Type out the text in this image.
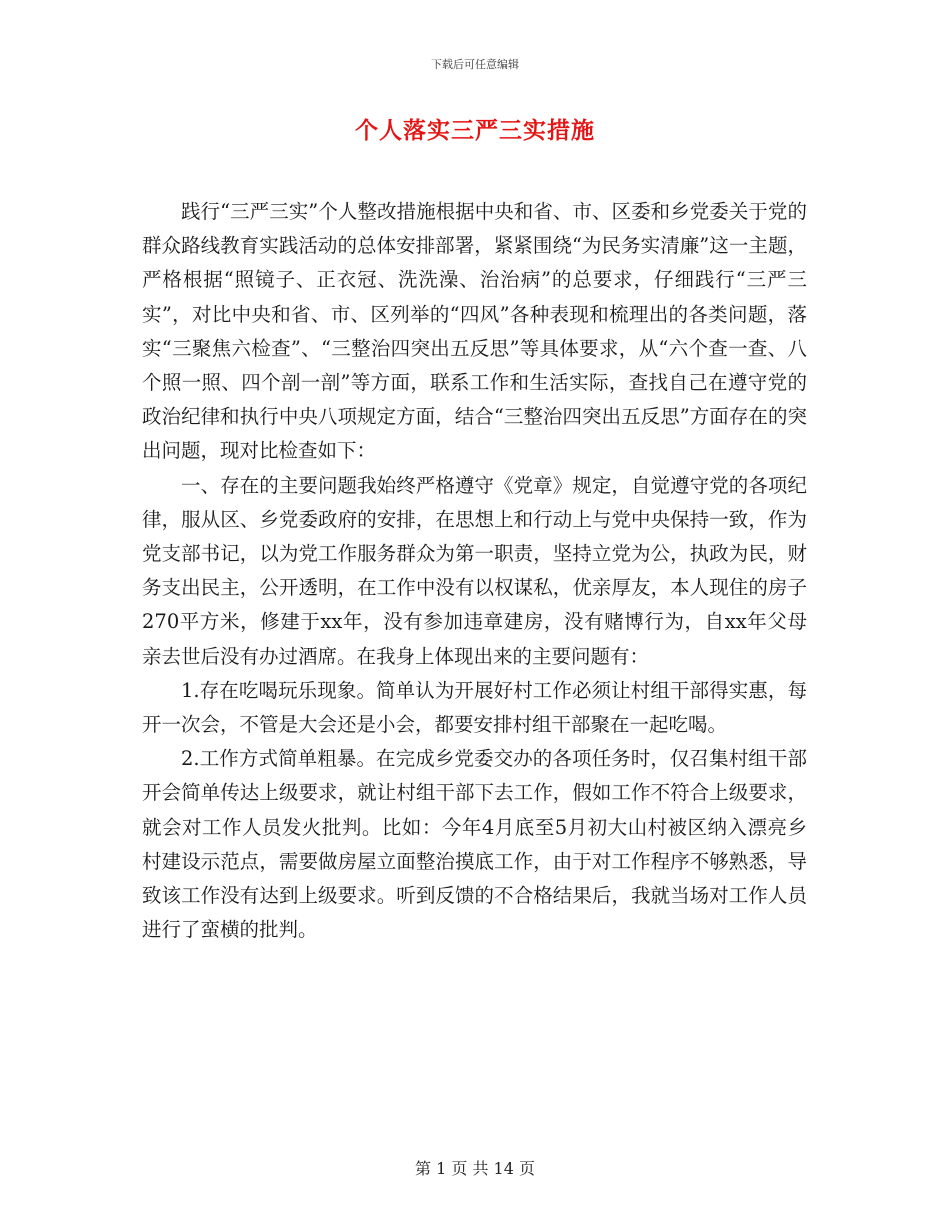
下载后可任意编辑
个人落实三严三实措施

践行“三严三实”个人整改措施根据中央和省、市、区委和乡党委关于党的群众路线教育实践活动的总体安排部署，紧紧围绕“为民务实清廉”这一主题，严格根据“照镜子、正衣冠、洗洗澡、治治病”的总要求，仔细践行“三严三实”，对比中央和省、市、区列举的“四风”各种表现和梳理出的各类问题，落实“三聚焦六检查”、“三整治四突出五反思”等具体要求，从“六个查一查、八个照一照、四个剖一剖”等方面，联系工作和生活实际，查找自己在遵守党的政治纪律和执行中央八项规定方面，结合“三整治四突出五反思”方面存在的突出问题，现对比检查如下：

一、存在的主要问题我始终严格遵守《党章》规定，自觉遵守党的各项纪律，服从区、乡党委政府的安排，在思想上和行动上与党中央保持一致，作为党支部书记，以为党工作服务群众为第一职责，坚持立党为公，执政为民，财务支出民主，公开透明，在工作中没有以权谋私，优亲厚友，本人现住的房子270平方米，修建于xx年，没有参加违章建房，没有赌博行为，自xx年父母亲去世后没有办过酒席。在我身上体现出来的主要问题有：

1.存在吃喝玩乐现象。简单认为开展好村工作必须让村组干部得实惠，每开一次会，不管是大会还是小会，都要安排村组干部聚在一起吃喝。

2.工作方式简单粗暴。在完成乡党委交办的各项任务时，仅召集村组干部开会简单传达上级要求，就让村组干部下去工作，假如工作不符合上级要求，就会对工作人员发火批判。比如：今年4月底至5月初大山村被区纳入漂亮乡村建设示范点，需要做房屋立面整治摸底工作，由于对工作程序不够熟悉，导致该工作没有达到上级要求。听到反馈的不合格结果后，我就当场对工作人员进行了蛮横的批判。

第 1 页 共 14 页
